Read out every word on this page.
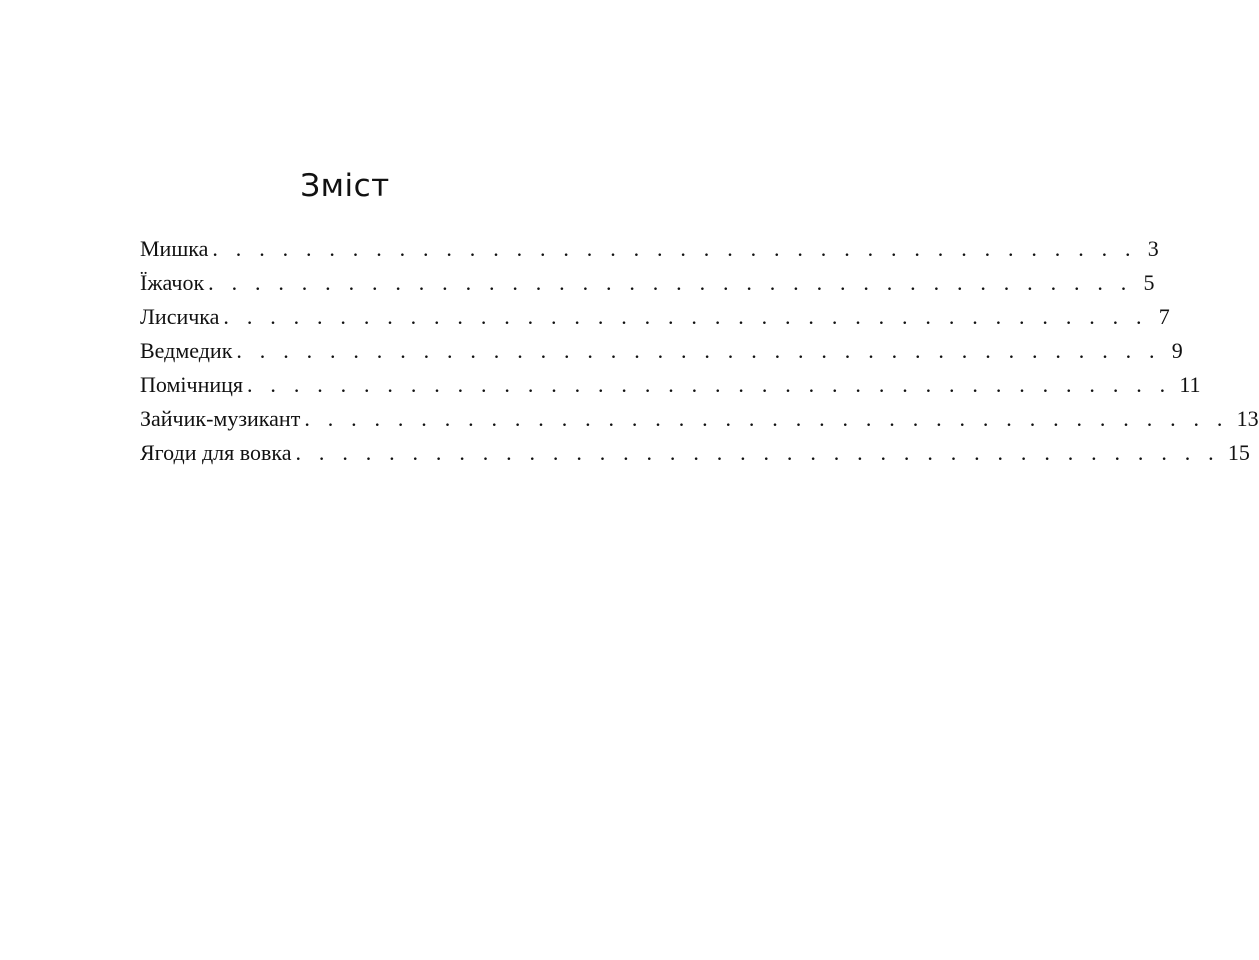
Зміст
Мишка . . . . . . . . . . . . . . . . . . . . . . . . . . . . . . . . . . . . . . . . 3
Їжачок . . . . . . . . . . . . . . . . . . . . . . . . . . . . . . . . . . . . . . . . 5
Лисичка . . . . . . . . . . . . . . . . . . . . . . . . . . . . . . . . . . . . . . . . 7
Ведмедик . . . . . . . . . . . . . . . . . . . . . . . . . . . . . . . . . . . . . . . . 9
Помічниця . . . . . . . . . . . . . . . . . . . . . . . . . . . . . . . . . . . . . . . . 11
Зайчик-музикант . . . . . . . . . . . . . . . . . . . . . . . . . . . . . . . . . . . . . . . . 13
Ягоди для вовка . . . . . . . . . . . . . . . . . . . . . . . . . . . . . . . . . . . . . . . . 15
